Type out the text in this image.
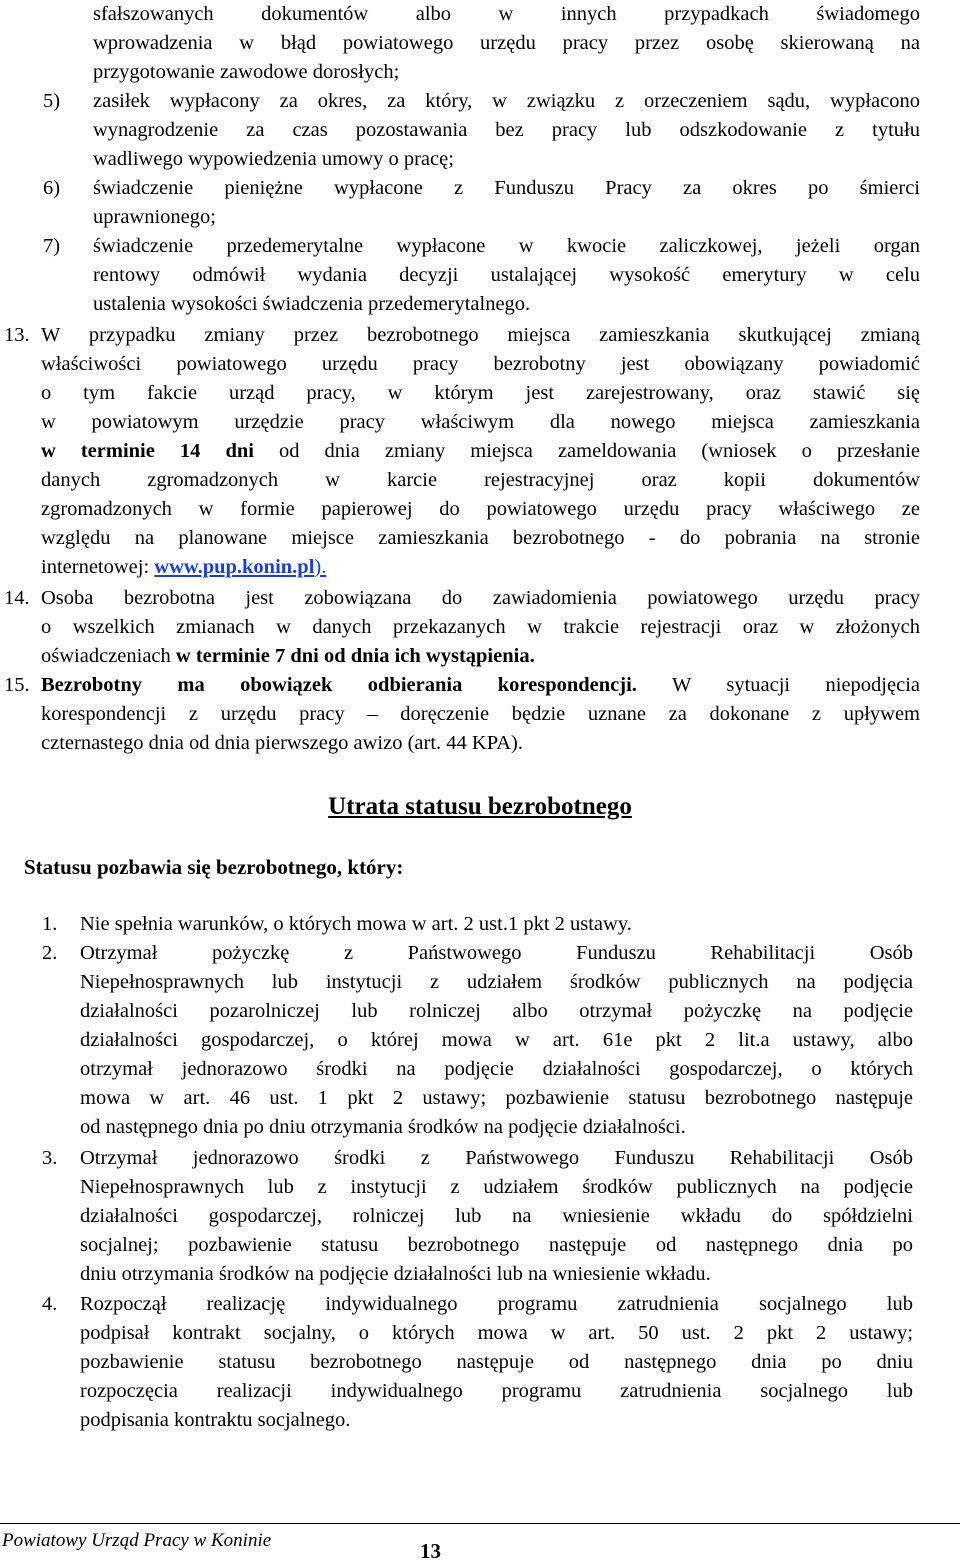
sfałszowanych dokumentów albo w innych przypadkach świadomego
wprowadzenia w błąd powiatowego urzędu pracy przez osobę skierowaną na
przygotowanie zawodowe dorosłych;
5) zasiłek wypłacony za okres, za który, w związku z orzeczeniem sądu, wypłacono
wynagrodzenie za czas pozostawania bez pracy lub odszkodowanie z tytułu
wadliwego wypowiedzenia umowy o pracę;
6) świadczenie pieniężne wypłacone z Funduszu Pracy za okres po śmierci
uprawnionego;
7) świadczenie przedemerytalne wypłacone w kwocie zaliczkowej, jeżeli organ
rentowy odmówił wydania decyzji ustalającej wysokość emerytury w celu
ustalenia wysokości świadczenia przedemerytalnego.
13. W przypadku zmiany przez bezrobotnego miejsca zamieszkania skutkującej zmianą
właściwości powiatowego urzędu pracy bezrobotny jest obowiązany powiadomić
o tym fakcie urząd pracy, w którym jest zarejestrowany, oraz stawić się
w powiatowym urzędzie pracy właściwym dla nowego miejsca zamieszkania
w terminie 14 dni od dnia zmiany miejsca zameldowania (wniosek o przesłanie
danych zgromadzonych w karcie rejestracyjnej oraz kopii dokumentów
zgromadzonych w formie papierowej do powiatowego urzędu pracy właściwego ze
względu na planowane miejsce zamieszkania bezrobotnego - do pobrania na stronie
internetowej: www.pup.konin.pl).
14. Osoba bezrobotna jest zobowiązana do zawiadomienia powiatowego urzędu pracy
o wszelkich zmianach w danych przekazanych w trakcie rejestracji oraz w złożonych
oświadczeniach w terminie 7 dni od dnia ich wystąpienia.
15. Bezrobotny ma obowiązek odbierania korespondencji. W sytuacji niepodjęcia
korespondencji z urzędu pracy – doręczenie będzie uznane za dokonane z upływem
czternastego dnia od dnia pierwszego awizo (art. 44 KPA).
Utrata statusu bezrobotnego
Statusu pozbawia się bezrobotnego, który:
1. Nie spełnia warunków, o których mowa w art. 2 ust.1 pkt 2 ustawy.
2. Otrzymał pożyczkę z Państwowego Funduszu Rehabilitacji Osób
Niepełnosprawnych lub instytucji z udziałem środków publicznych na podjęcia
działalności pozarolniczej lub rolniczej albo otrzymał pożyczkę na podjęcie
działalności gospodarczej, o której mowa w art. 61e pkt 2 lit.a ustawy, albo
otrzymał jednorazowo środki na podjęcie działalności gospodarczej, o których
mowa w art. 46 ust. 1 pkt 2 ustawy; pozbawienie statusu bezrobotnego następuje
od następnego dnia po dniu otrzymania środków na podjęcie działalności.
3. Otrzymał jednorazowo środki z Państwowego Funduszu Rehabilitacji Osób
Niepełnosprawnych lub z instytucji z udziałem środków publicznych na podjęcie
działalności gospodarczej, rolniczej lub na wniesienie wkładu do spółdzielni
socjalnej; pozbawienie statusu bezrobotnego następuje od następnego dnia po
dniu otrzymania środków na podjęcie działalności lub na wniesienie wkładu.
4. Rozpoczął realizację indywidualnego programu zatrudnienia socjalnego lub
podpisał kontrakt socjalny, o których mowa w art. 50 ust. 2 pkt 2 ustawy;
pozbawienie statusu bezrobotnego następuje od następnego dnia po dniu
rozpoczęcia realizacji indywidualnego programu zatrudnienia socjalnego lub
podpisania kontraktu socjalnego.
Powiatowy Urząd Pracy w Koninie	13
